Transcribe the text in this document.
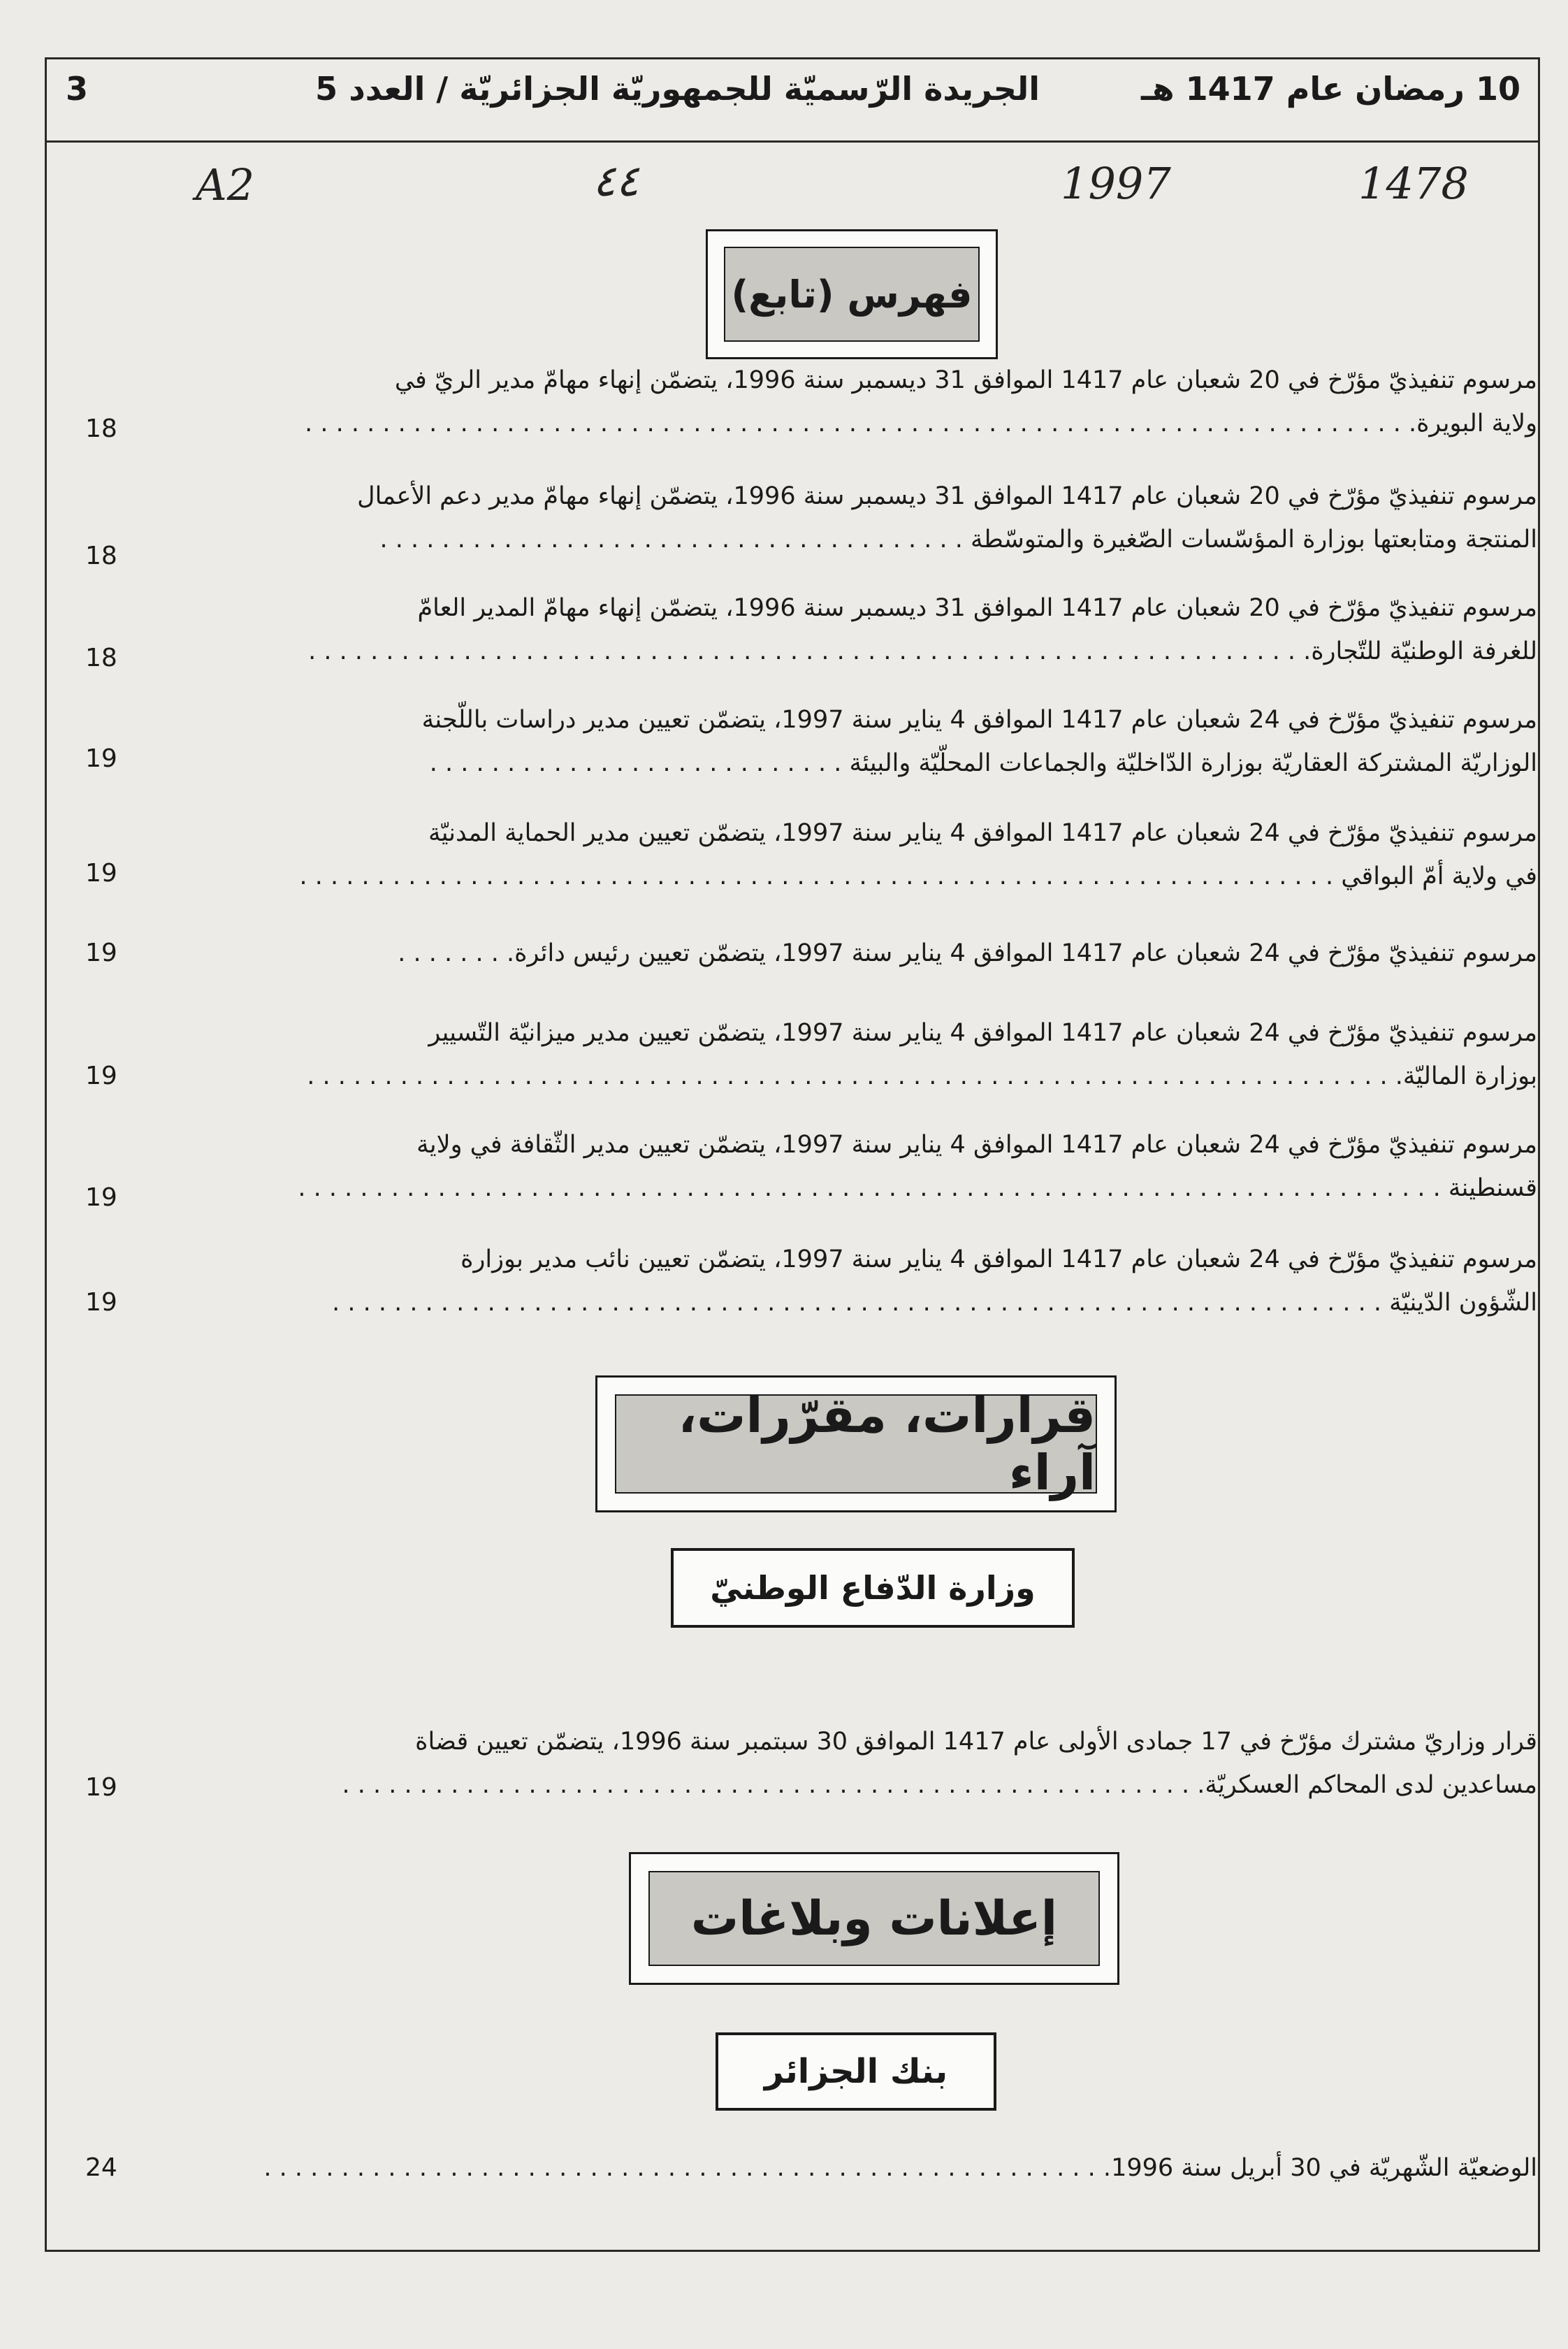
10 رمضان عام 1417 هـ
الجريدة الرّسميّة للجمهوريّة الجزائريّة / العدد 5
3
A2	٤٤	1997	1478
فهرس (تابع)
مرسوم تنفيذيّ مؤرّخ في 20 شعبان عام 1417 الموافق 31 ديسمبر سنة 1996، يتضمّن إنهاء مهامّ مدير الريّ في
ولاية البويرة. . . . . . . . . . . . . . . . . . . . . . . . . . . . . . . . . . . . . . . . . . . . . . . . . . . . . . . . . . . . . . . . . . . . . . . .
18
مرسوم تنفيذيّ مؤرّخ في 20 شعبان عام 1417 الموافق 31 ديسمبر سنة 1996، يتضمّن إنهاء مهامّ مدير دعم الأعمال
المنتجة ومتابعتها بوزارة المؤسّسات الصّغيرة والمتوسّطة . . . . . . . . . . . . . . . . . . . . . . . . . . . . . . . . . . . . . .
18
مرسوم تنفيذيّ مؤرّخ في 20 شعبان عام 1417 الموافق 31 ديسمبر سنة 1996، يتضمّن إنهاء مهامّ المدير العامّ
للغرفة الوطنيّة للتّجارة. . . . . . . . . . . . . . . . . . . . . . . . . . . . . . . . . . . . . . . . . . . . . . . . . . . . . . . . . . . . . . . . .
18
مرسوم تنفيذيّ مؤرّخ في 24 شعبان عام 1417 الموافق 4 يناير سنة 1997، يتضمّن تعيين مدير دراسات باللّجنة
الوزاريّة المشتركة العقاريّة بوزارة الدّاخليّة والجماعات المحلّيّة والبيئة . . . . . . . . . . . . . . . . . . . . . . . . . . .
19
مرسوم تنفيذيّ مؤرّخ في 24 شعبان عام 1417 الموافق 4 يناير سنة 1997، يتضمّن تعيين مدير الحماية المدنيّة
في ولاية أمّ البواقي . . . . . . . . . . . . . . . . . . . . . . . . . . . . . . . . . . . . . . . . . . . . . . . . . . . . . . . . . . . . . . . . . . .
19
مرسوم تنفيذيّ مؤرّخ في 24 شعبان عام 1417 الموافق 4 يناير سنة 1997، يتضمّن تعيين رئيس دائرة. . . . . . . .
19
مرسوم تنفيذيّ مؤرّخ في 24 شعبان عام 1417 الموافق 4 يناير سنة 1997، يتضمّن تعيين مدير ميزانيّة التّسيير
بوزارة الماليّة. . . . . . . . . . . . . . . . . . . . . . . . . . . . . . . . . . . . . . . . . . . . . . . . . . . . . . . . . . . . . . . . . . . . . . .
19
مرسوم تنفيذيّ مؤرّخ في 24 شعبان عام 1417 الموافق 4 يناير سنة 1997، يتضمّن تعيين مدير الثّقافة في ولاية
قسنطينة . . . . . . . . . . . . . . . . . . . . . . . . . . . . . . . . . . . . . . . . . . . . . . . . . . . . . . . . . . . . . . . . . . . . . . . . . .
19
مرسوم تنفيذيّ مؤرّخ في 24 شعبان عام 1417 الموافق 4 يناير سنة 1997، يتضمّن تعيين نائب مدير بوزارة
الشّؤون الدّينيّة . . . . . . . . . . . . . . . . . . . . . . . . . . . . . . . . . . . . . . . . . . . . . . . . . . . . . . . . . . . . . . . . . . . .
19
قرارات، مقرّرات، آراء
وزارة الدّفاع الوطنيّ
قرار وزاريّ مشترك مؤرّخ في 17 جمادى الأولى عام 1417 الموافق 30 سبتمبر سنة 1996، يتضمّن تعيين قضاة
مساعدين لدى المحاكم العسكريّة. . . . . . . . . . . . . . . . . . . . . . . . . . . . . . . . . . . . . . . . . . . . . . . . . . . . . . . .
19
إعلانات وبلاغات
بنك الجزائر
الوضعيّة الشّهريّة في 30 أبريل سنة 1996. . . . . . . . . . . . . . . . . . . . . . . . . . . . . . . . . . . . . . . . . . . . . . . . . . . . . . .
24
